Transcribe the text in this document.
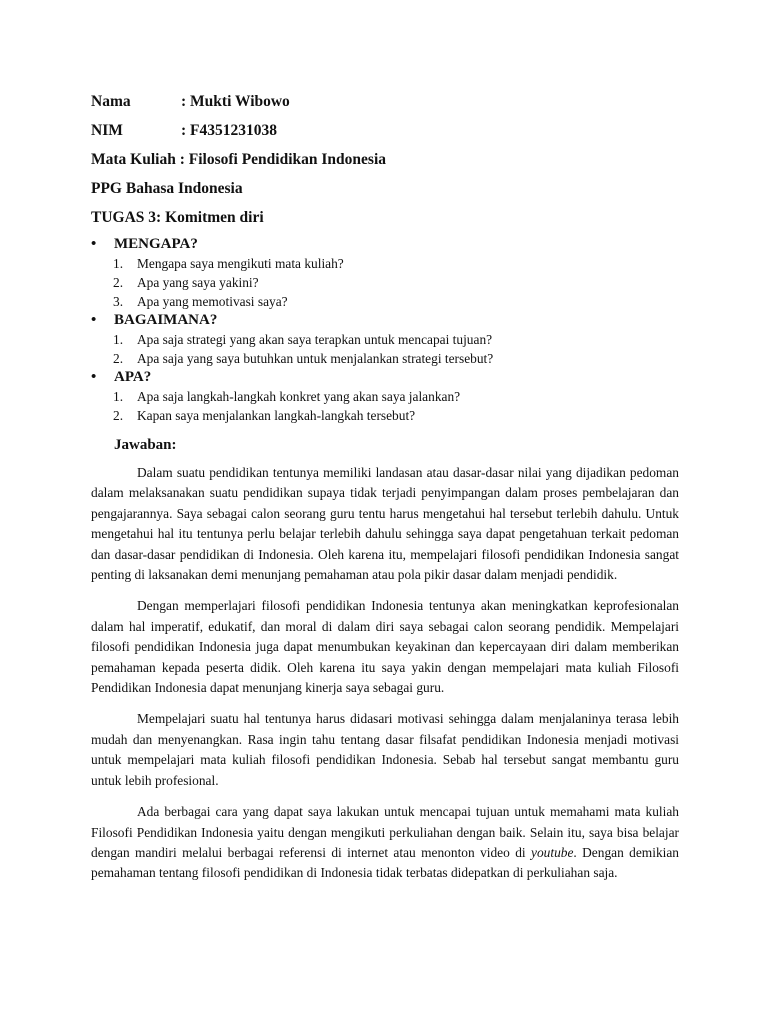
Nama	: Mukti Wibowo
NIM	: F4351231038
Mata Kuliah : Filosofi Pendidikan Indonesia
PPG Bahasa Indonesia
TUGAS 3: Komitmen diri
• MENGAPA?
1. Mengapa saya mengikuti mata kuliah?
2. Apa yang saya yakini?
3. Apa yang memotivasi saya?
• BAGAIMANA?
1. Apa saja strategi yang akan saya terapkan untuk mencapai tujuan?
2. Apa saja yang saya butuhkan untuk menjalankan strategi tersebut?
• APA?
1. Apa saja langkah-langkah konkret yang akan saya jalankan?
2. Kapan saya menjalankan langkah-langkah tersebut?
Jawaban:

Dalam suatu pendidikan tentunya memiliki landasan atau dasar-dasar nilai yang dijadikan pedoman dalam melaksanakan suatu pendidikan supaya tidak terjadi penyimpangan dalam proses pembelajaran dan pengajarannya. Saya sebagai calon seorang guru tentu harus mengetahui hal tersebut terlebih dahulu. Untuk mengetahui hal itu tentunya perlu belajar terlebih dahulu sehingga saya dapat pengetahuan terkait pedoman dan dasar-dasar pendidikan di Indonesia. Oleh karena itu, mempelajari filosofi pendidikan Indonesia sangat penting di laksanakan demi menunjang pemahaman atau pola pikir dasar dalam menjadi pendidik.

Dengan memperlajari filosofi pendidikan Indonesia tentunya akan meningkatkan keprofesionalan dalam hal imperatif, edukatif, dan moral di dalam diri saya sebagai calon seorang pendidik. Mempelajari filosofi pendidikan Indonesia juga dapat menumbukan keyakinan dan kepercayaan diri dalam memberikan pemahaman kepada peserta didik. Oleh karena itu saya yakin dengan mempelajari mata kuliah Filosofi Pendidikan Indonesia dapat menunjang kinerja saya sebagai guru.

Mempelajari suatu hal tentunya harus didasari motivasi sehingga dalam menjalaninya terasa lebih mudah dan menyenangkan. Rasa ingin tahu tentang dasar filsafat pendidikan Indonesia menjadi motivasi untuk mempelajari mata kuliah filosofi pendidikan Indonesia. Sebab hal tersebut sangat membantu guru untuk lebih profesional.

Ada berbagai cara yang dapat saya lakukan untuk mencapai tujuan untuk memahami mata kuliah Filosofi Pendidikan Indonesia yaitu dengan mengikuti perkuliahan dengan baik. Selain itu, saya bisa belajar dengan mandiri melalui berbagai referensi di internet atau menonton video di youtube. Dengan demikian pemahaman tentang filosofi pendidikan di Indonesia tidak terbatas didepatkan di perkuliahan saja.
